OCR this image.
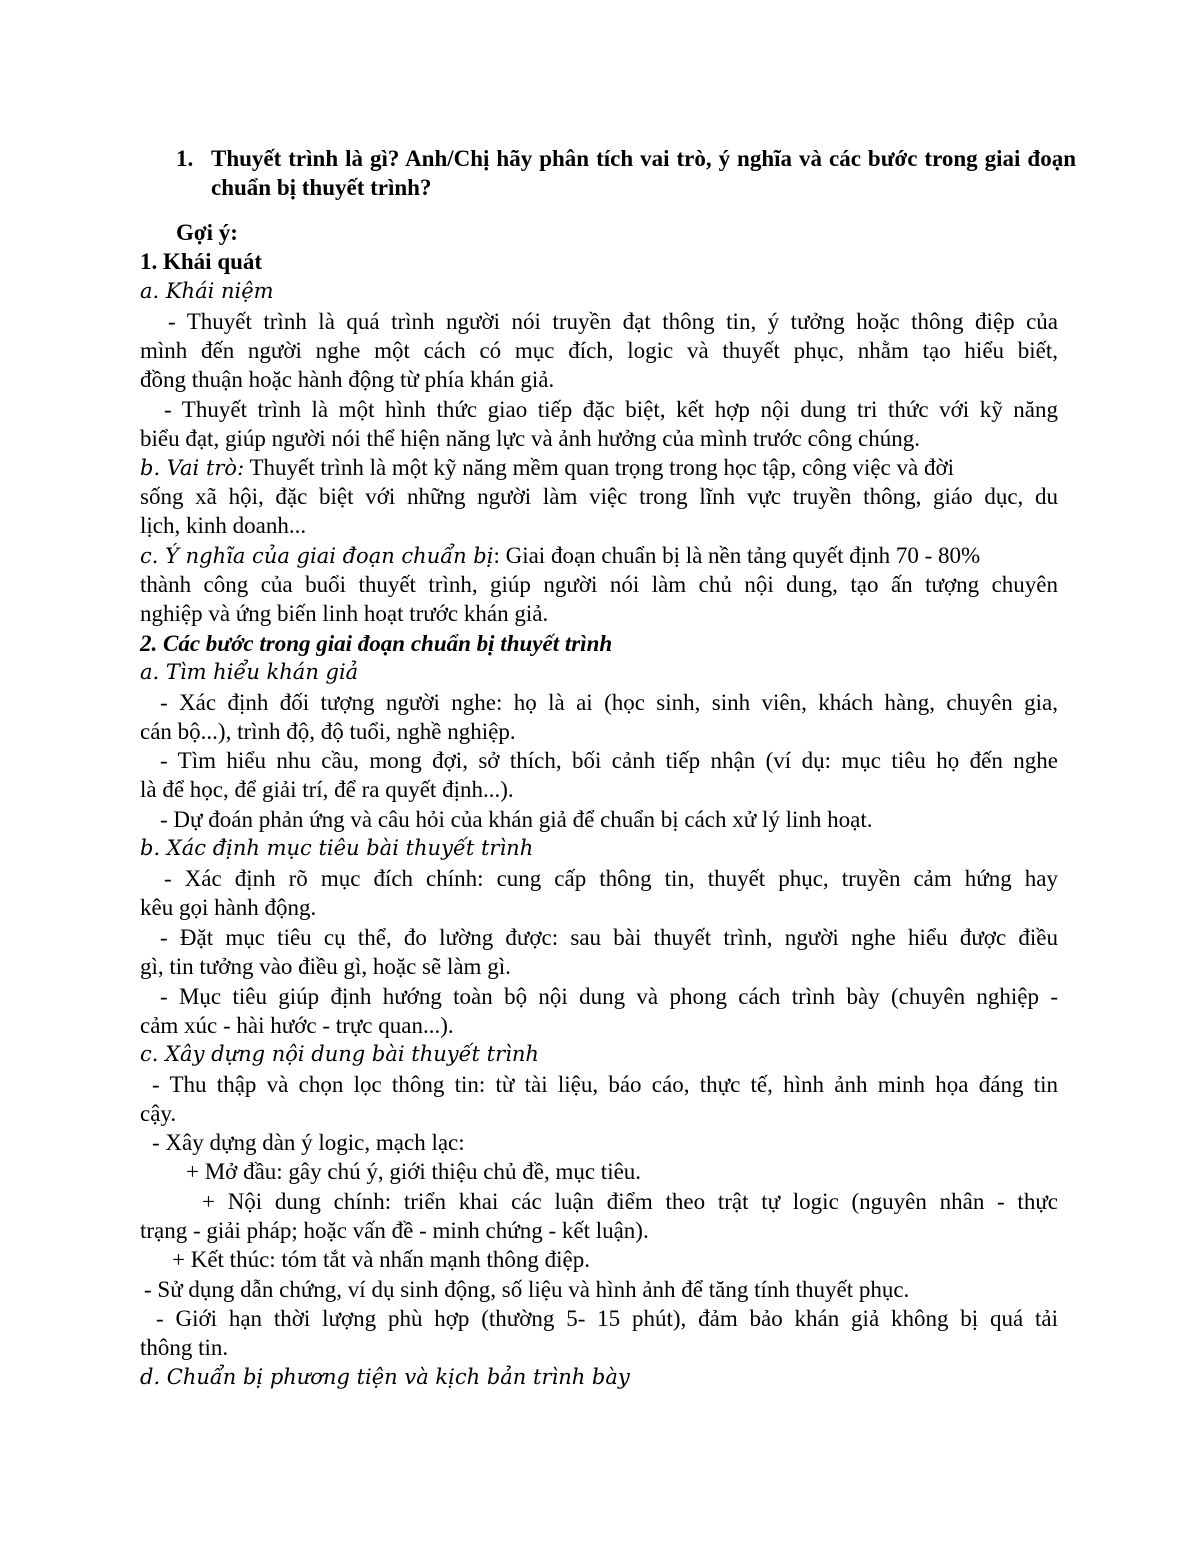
1. Thuyết trình là gì? Anh/Chị hãy phân tích vai trò, ý nghĩa và các bước trong giai đoạn chuẩn bị thuyết trình?
Gợi ý:
1. Khái quát
a. Khái niệm
- Thuyết trình là quá trình người nói truyền đạt thông tin, ý tưởng hoặc thông điệp của
mình đến người nghe một cách có mục đích, logic và thuyết phục, nhằm tạo hiểu biết,
đồng thuận hoặc hành động từ phía khán giả.
- Thuyết trình là một hình thức giao tiếp đặc biệt, kết hợp nội dung tri thức với kỹ năng
biểu đạt, giúp người nói thể hiện năng lực và ảnh hưởng của mình trước công chúng.
b. Vai trò: Thuyết trình là một kỹ năng mềm quan trọng trong học tập, công việc và đời
sống xã hội, đặc biệt với những người làm việc trong lĩnh vực truyền thông, giáo dục, du
lịch, kinh doanh...
c. Ý nghĩa của giai đoạn chuẩn bị: Giai đoạn chuẩn bị là nền tảng quyết định 70 - 80%
thành công của buổi thuyết trình, giúp người nói làm chủ nội dung, tạo ấn tượng chuyên
nghiệp và ứng biến linh hoạt trước khán giả.
2. Các bước trong giai đoạn chuẩn bị thuyết trình
a. Tìm hiểu khán giả
- Xác định đối tượng người nghe: họ là ai (học sinh, sinh viên, khách hàng, chuyên gia,
cán bộ...), trình độ, độ tuổi, nghề nghiệp.
- Tìm hiểu nhu cầu, mong đợi, sở thích, bối cảnh tiếp nhận (ví dụ: mục tiêu họ đến nghe
là để học, để giải trí, để ra quyết định...).
- Dự đoán phản ứng và câu hỏi của khán giả để chuẩn bị cách xử lý linh hoạt.
b. Xác định mục tiêu bài thuyết trình
- Xác định rõ mục đích chính: cung cấp thông tin, thuyết phục, truyền cảm hứng hay
kêu gọi hành động.
- Đặt mục tiêu cụ thể, đo lường được: sau bài thuyết trình, người nghe hiểu được điều
gì, tin tưởng vào điều gì, hoặc sẽ làm gì.
- Mục tiêu giúp định hướng toàn bộ nội dung và phong cách trình bày (chuyên nghiệp -
cảm xúc - hài hước - trực quan...).
c. Xây dựng nội dung bài thuyết trình
- Thu thập và chọn lọc thông tin: từ tài liệu, báo cáo, thực tế, hình ảnh minh họa đáng tin
cậy.
- Xây dựng dàn ý logic, mạch lạc:
+ Mở đầu: gây chú ý, giới thiệu chủ đề, mục tiêu.
+ Nội dung chính: triển khai các luận điểm theo trật tự logic (nguyên nhân - thực
trạng - giải pháp; hoặc vấn đề - minh chứng - kết luận).
+ Kết thúc: tóm tắt và nhấn mạnh thông điệp.
- Sử dụng dẫn chứng, ví dụ sinh động, số liệu và hình ảnh để tăng tính thuyết phục.
- Giới hạn thời lượng phù hợp (thường 5- 15 phút), đảm bảo khán giả không bị quá tải
thông tin.
d. Chuẩn bị phương tiện và kịch bản trình bày
